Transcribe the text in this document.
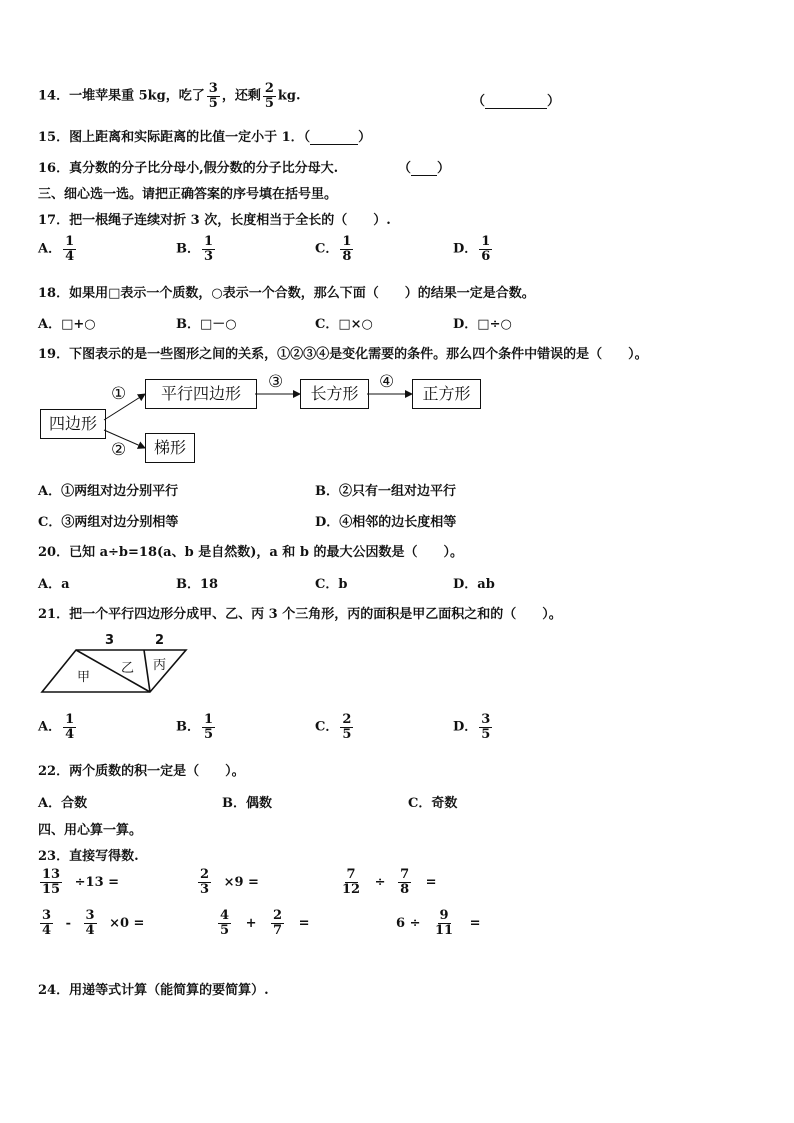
14．一堆苹果重 5kg，吃了 $\frac{3}{5}$ ，还剩 $\frac{2}{5}$ kg.	（	）
15．图上距离和实际距离的比值一定小于 1．（	）
16．真分数的分子比分母小,假分数的分子比分母大.	（ ）
三、细心选一选。请把正确答案的序号填在括号里。
17．把一根绳子连续对折 3 次，长度相当于全长的（　　）.
A． $\frac{1}{4}$	B． $\frac{1}{3}$	C． $\frac{1}{8}$	D． $\frac{1}{6}$
18．如果用□表示一个质数，○表示一个合数，那么下面（　　）的结果一定是合数。
A．□+○	B．□－○	C．□×○	D．□÷○
19．下图表示的是一些图形之间的关系，①②③④是变化需要的条件。那么四个条件中错误的是（　　）。
四边形
平行四边形	长方形	正方形
梯形
①
②
③	④
A．①两组对边分别平行	B．②只有一组对边平行
C．③两组对边分别相等	D．④相邻的边长度相等
20．已知 a÷b=18(a、b 是自然数)，a 和 b 的最大公因数是（　　）。
A．a	B．18	C．b	D．ab
21．把一个平行四边形分成甲、乙、丙 3 个三角形，丙的面积是甲乙面积之和的（　　）。
3	2
甲
乙 丙
A． $\frac{1}{4}$	B． $\frac{1}{5}$	C． $\frac{2}{5}$	D． $\frac{3}{5}$
22．两个质数的积一定是（　　）。
A．合数	B．偶数	C．奇数
四、用心算一算。
23．直接写得数.
$\frac{13}{15} \div 13$ =	$\frac{2}{3} \times 9$ =	$\frac{7}{12} \div \frac{7}{8}$ =
$\frac{3}{4} - \frac{3}{4} \times 0$ =	$\frac{4}{5} + \frac{2}{7}$ =	$6 \div \frac{9}{11}$ =
24．用递等式计算（能简算的要简算）.
